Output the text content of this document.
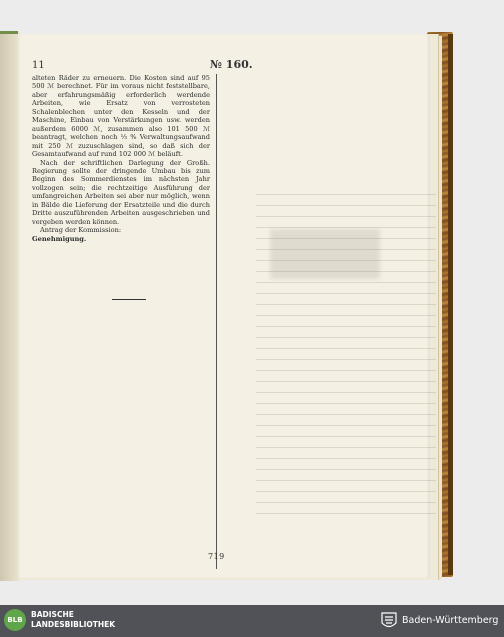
11	№ 160.

alteten Räder zu erneuern. Die Kosten sind auf 95 500 ℳ berechnet. Für im voraus nicht feststellbare, aber erfahrungsmäßig erforderlich werdende Arbeiten, wie Ersatz von verrosteten Schalenblechen unter den Kesseln und der Maschine, Einbau von Verstärkungen usw. werden außerdem 6000 ℳ, zusammen also 101 500 ℳ beantragt, welchen noch ⅓ % Verwaltungsaufwand mit 250 ℳ zuzuschlagen sind, so daß sich der Gesamtaufwand auf rund 102 000 ℳ beläuft.

Nach der schriftlichen Darlegung der Großh. Regierung sollte der dringende Umbau bis zum Beginn des Sommerdienstes im nächsten Jahr vollzogen sein; die rechtzeitige Ausführung der umfangreichen Arbeiten sei aber nur möglich, wenn in Bälde die Lieferung der Ersatzteile und die durch Dritte auszuführenden Arbeiten ausgeschrieben und vergeben werden können.

Antrag der Kommission:

Genehmigung.

719
BLB
BADISCHE
LANDESBIBLIOTHEK	Baden-Württemberg
